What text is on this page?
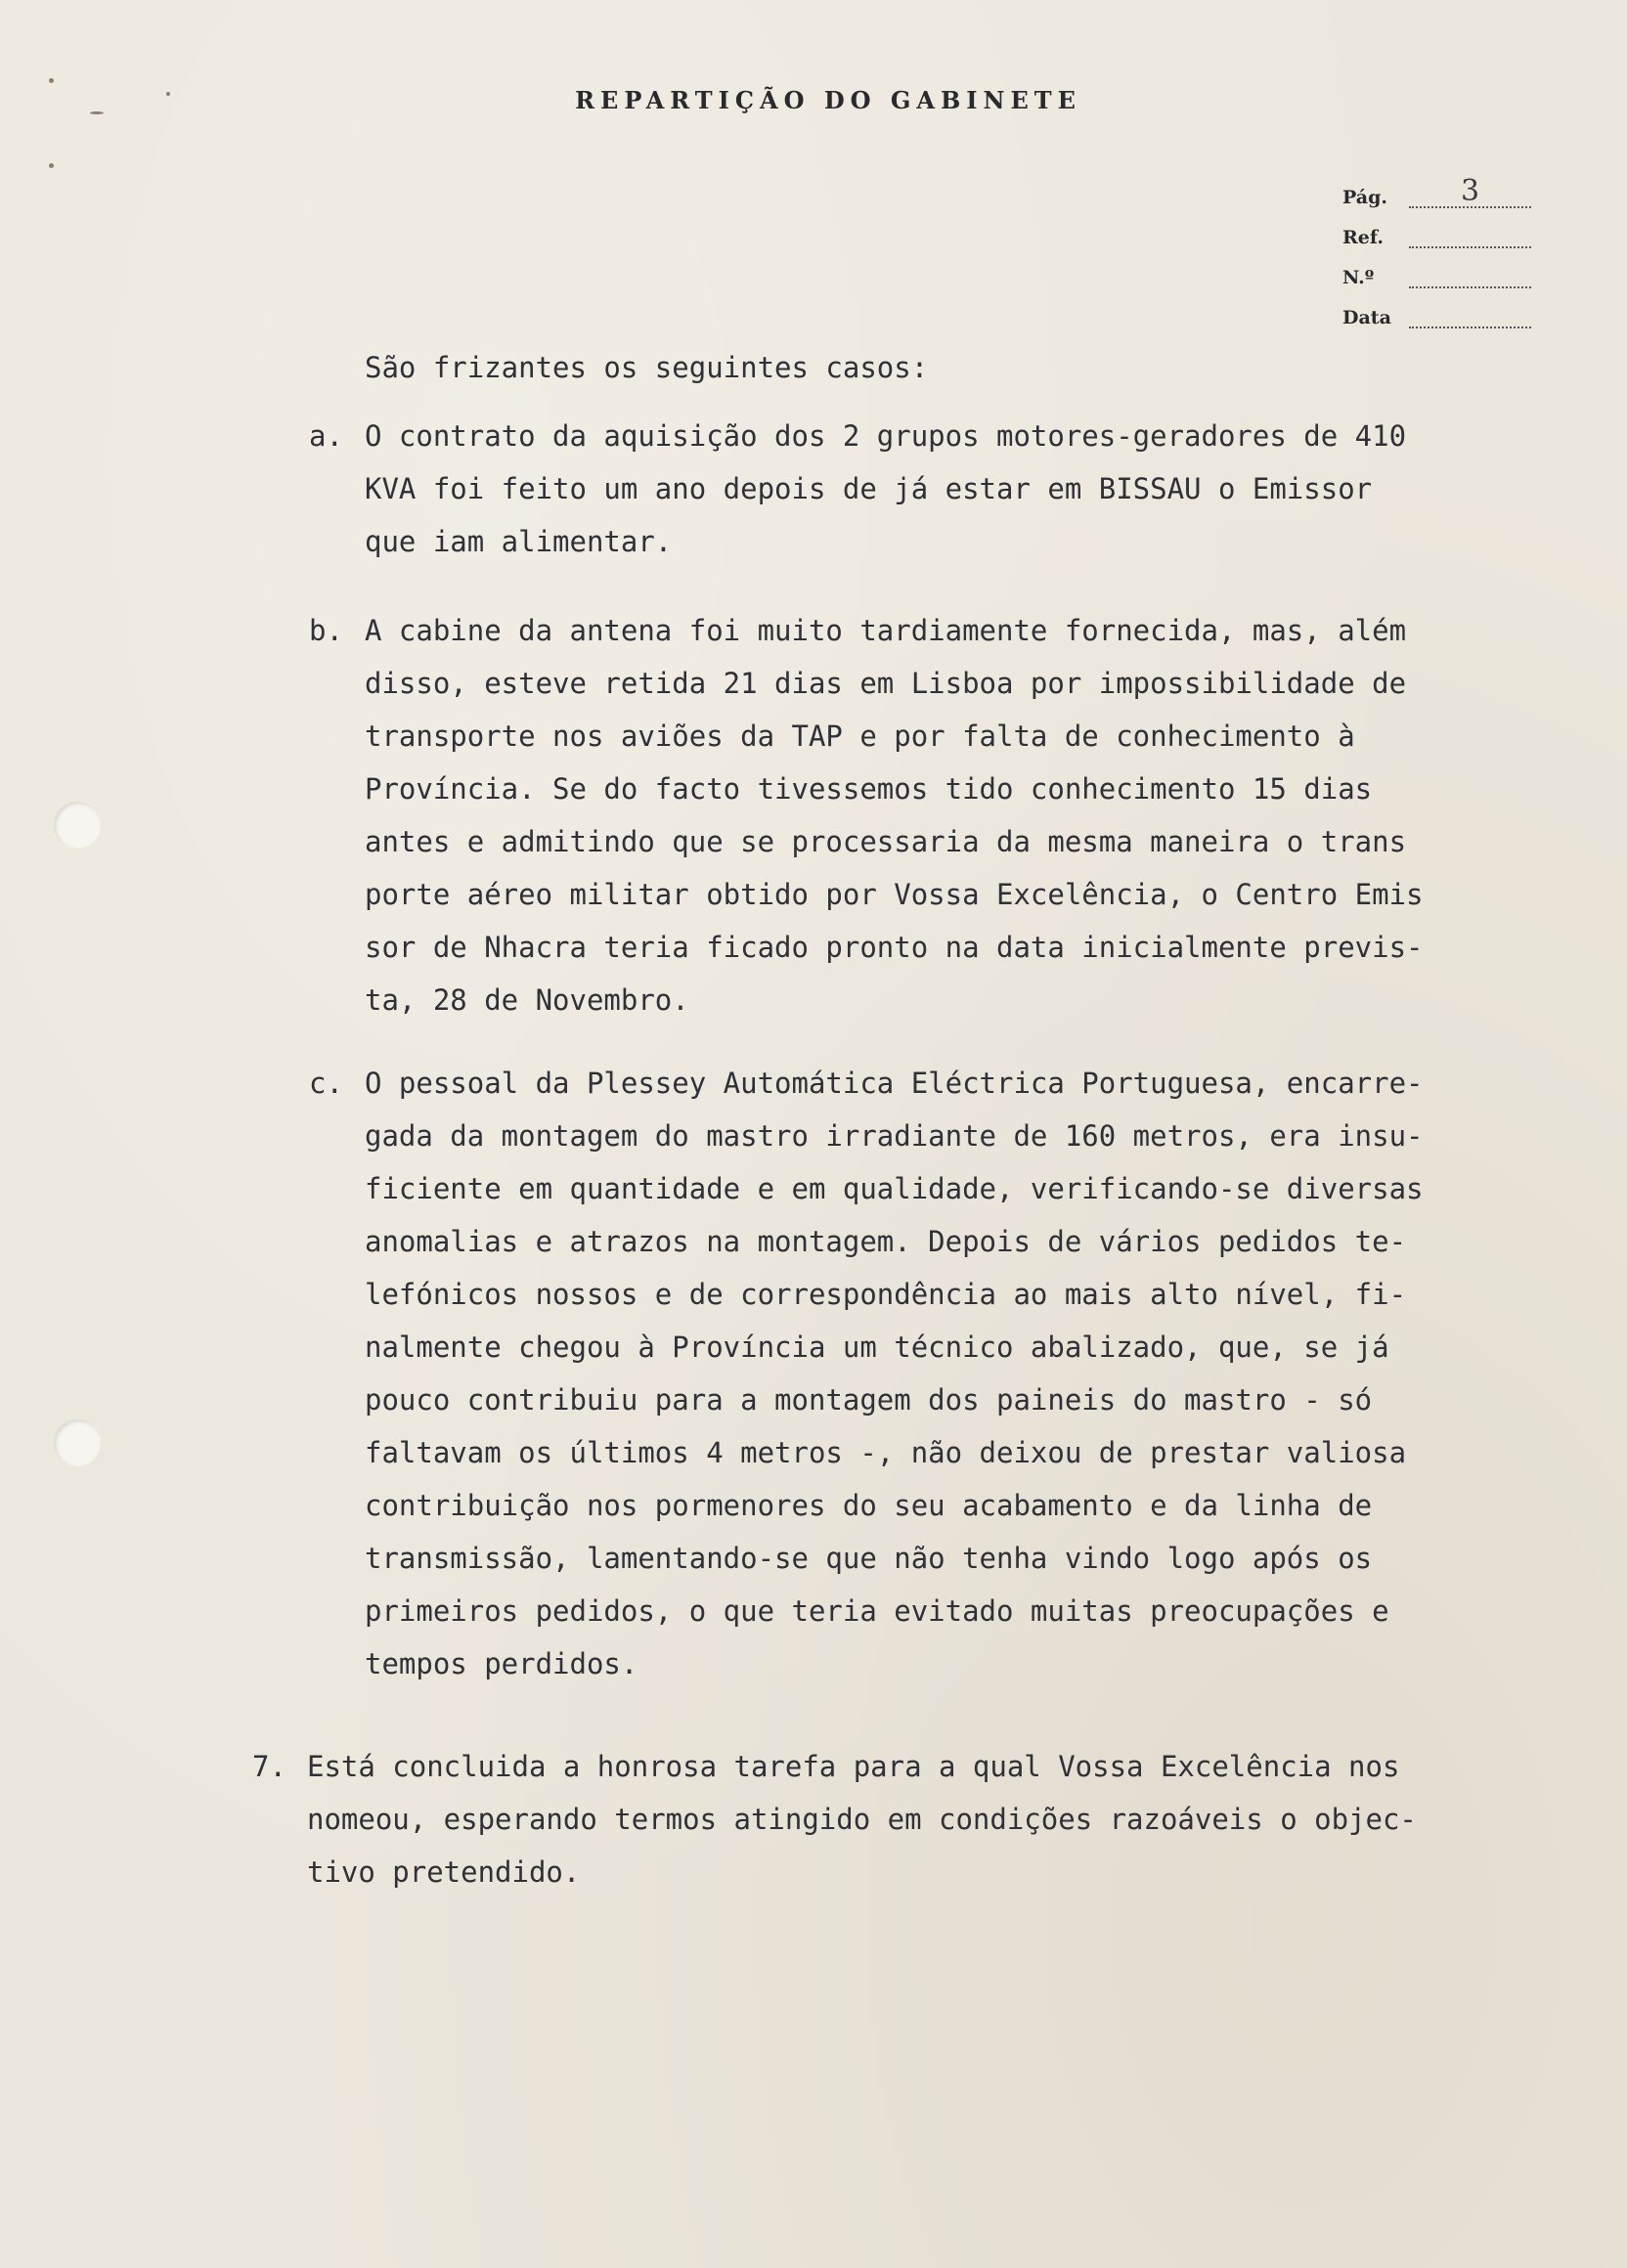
REPARTIÇÃO DO GABINETE
Pág.	3
Ref.
N.º
Data
São frizantes os seguintes casos:
a. O contrato da aquisição dos 2 grupos motores-geradores de 410
KVA foi feito um ano depois de já estar em BISSAU o Emissor
que iam alimentar.
b. A cabine da antena foi muito tardiamente fornecida, mas, além
disso, esteve retida 21 dias em Lisboa por impossibilidade de
transporte nos aviões da TAP e por falta de conhecimento à
Província. Se do facto tivessemos tido conhecimento 15 dias
antes e admitindo que se processaria da mesma maneira o trans
porte aéreo militar obtido por Vossa Excelência, o Centro Emis
sor de Nhacra teria ficado pronto na data inicialmente previs-
ta, 28 de Novembro.
c. O pessoal da Plessey Automática Eléctrica Portuguesa, encarre-
gada da montagem do mastro irradiante de 160 metros, era insu-
ficiente em quantidade e em qualidade, verificando-se diversas
anomalias e atrazos na montagem. Depois de vários pedidos te-
lefónicos nossos e de correspondência ao mais alto nível, fi-
nalmente chegou à Província um técnico abalizado, que, se já
pouco contribuiu para a montagem dos paineis do mastro - só
faltavam os últimos 4 metros -, não deixou de prestar valiosa
contribuição nos pormenores do seu acabamento e da linha de
transmissão, lamentando-se que não tenha vindo logo após os
primeiros pedidos, o que teria evitado muitas preocupações e
tempos perdidos.
7. Está concluida a honrosa tarefa para a qual Vossa Excelência nos
nomeou, esperando termos atingido em condições razoáveis o objec-
tivo pretendido.
